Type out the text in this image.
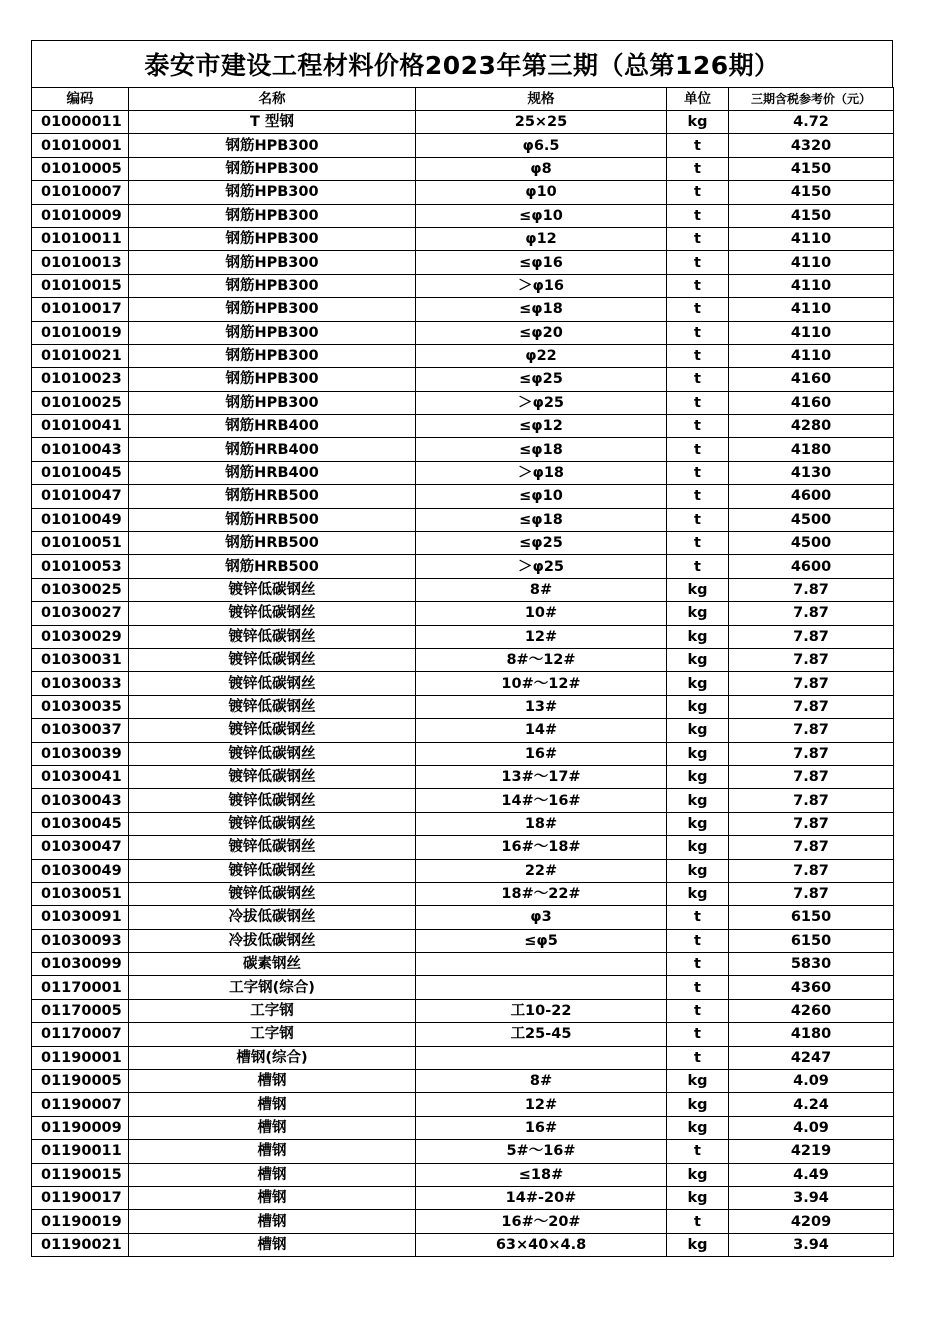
泰安市建设工程材料价格2023年第三期（总第126期）
编码	名称	规格	单位	三期含税参考价（元）
01000011	T 型钢	25×25	kg	4.72
01010001	钢筋HPB300	φ6.5	t	4320
01010005	钢筋HPB300	φ8	t	4150
01010007	钢筋HPB300	φ10	t	4150
01010009	钢筋HPB300	≤φ10	t	4150
01010011	钢筋HPB300	φ12	t	4110
01010013	钢筋HPB300	≤φ16	t	4110
01010015	钢筋HPB300	＞φ16	t	4110
01010017	钢筋HPB300	≤φ18	t	4110
01010019	钢筋HPB300	≤φ20	t	4110
01010021	钢筋HPB300	φ22	t	4110
01010023	钢筋HPB300	≤φ25	t	4160
01010025	钢筋HPB300	＞φ25	t	4160
01010041	钢筋HRB400	≤φ12	t	4280
01010043	钢筋HRB400	≤φ18	t	4180
01010045	钢筋HRB400	＞φ18	t	4130
01010047	钢筋HRB500	≤φ10	t	4600
01010049	钢筋HRB500	≤φ18	t	4500
01010051	钢筋HRB500	≤φ25	t	4500
01010053	钢筋HRB500	＞φ25	t	4600
01030025	镀锌低碳钢丝	8#	kg	7.87
01030027	镀锌低碳钢丝	10#	kg	7.87
01030029	镀锌低碳钢丝	12#	kg	7.87
01030031	镀锌低碳钢丝	8#～12#	kg	7.87
01030033	镀锌低碳钢丝	10#～12#	kg	7.87
01030035	镀锌低碳钢丝	13#	kg	7.87
01030037	镀锌低碳钢丝	14#	kg	7.87
01030039	镀锌低碳钢丝	16#	kg	7.87
01030041	镀锌低碳钢丝	13#～17#	kg	7.87
01030043	镀锌低碳钢丝	14#～16#	kg	7.87
01030045	镀锌低碳钢丝	18#	kg	7.87
01030047	镀锌低碳钢丝	16#～18#	kg	7.87
01030049	镀锌低碳钢丝	22#	kg	7.87
01030051	镀锌低碳钢丝	18#～22#	kg	7.87
01030091	冷拔低碳钢丝	φ3	t	6150
01030093	冷拔低碳钢丝	≤φ5	t	6150
01030099	碳素钢丝		t	5830
01170001	工字钢(综合)		t	4360
01170005	工字钢	工10-22	t	4260
01170007	工字钢	工25-45	t	4180
01190001	槽钢(综合)		t	4247
01190005	槽钢	8#	kg	4.09
01190007	槽钢	12#	kg	4.24
01190009	槽钢	16#	kg	4.09
01190011	槽钢	5#～16#	t	4219
01190015	槽钢	≤18#	kg	4.49
01190017	槽钢	14#-20#	kg	3.94
01190019	槽钢	16#～20#	t	4209
01190021	槽钢	63×40×4.8	kg	3.94
